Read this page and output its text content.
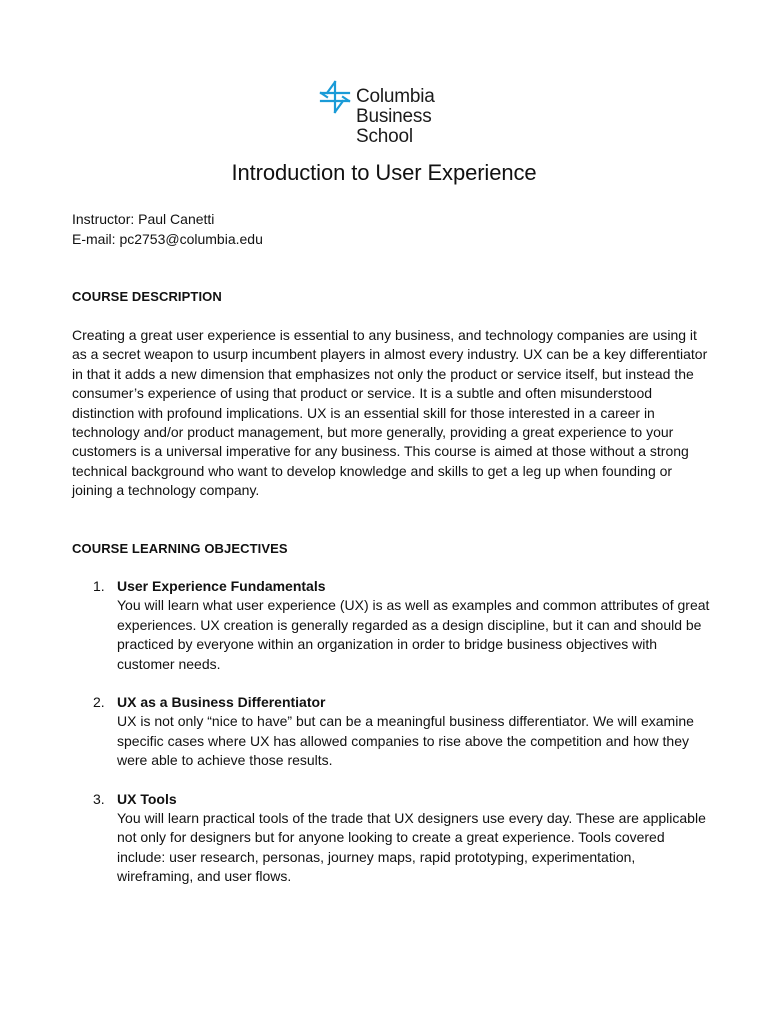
Columbia
Business
School
Introduction to User Experience
Instructor: Paul Canetti
E-mail: pc2753@columbia.edu
COURSE DESCRIPTION

Creating a great user experience is essential to any business, and technology companies are using it as a secret weapon to usurp incumbent players in almost every industry. UX can be a key differentiator in that it adds a new dimension that emphasizes not only the product or service itself, but instead the consumer’s experience of using that product or service. It is a subtle and often misunderstood distinction with profound implications. UX is an essential skill for those interested in a career in technology and/or product management, but more generally, providing a great experience to your customers is a universal imperative for any business. This course is aimed at those without a strong technical background who want to develop knowledge and skills to get a leg up when founding or joining a technology company.

COURSE LEARNING OBJECTIVES
1. User Experience Fundamentals

You will learn what user experience (UX) is as well as examples and common attributes of great experiences. UX creation is generally regarded as a design discipline, but it can and should be practiced by everyone within an organization in order to bridge business objectives with customer needs.

2. UX as a Business Differentiator

UX is not only “nice to have” but can be a meaningful business differentiator. We will examine specific cases where UX has allowed companies to rise above the competition and how they were able to achieve those results.

3. UX Tools

You will learn practical tools of the trade that UX designers use every day. These are applicable not only for designers but for anyone looking to create a great experience. Tools covered include: user research, personas, journey maps, rapid prototyping, experimentation, wireframing, and user flows.
